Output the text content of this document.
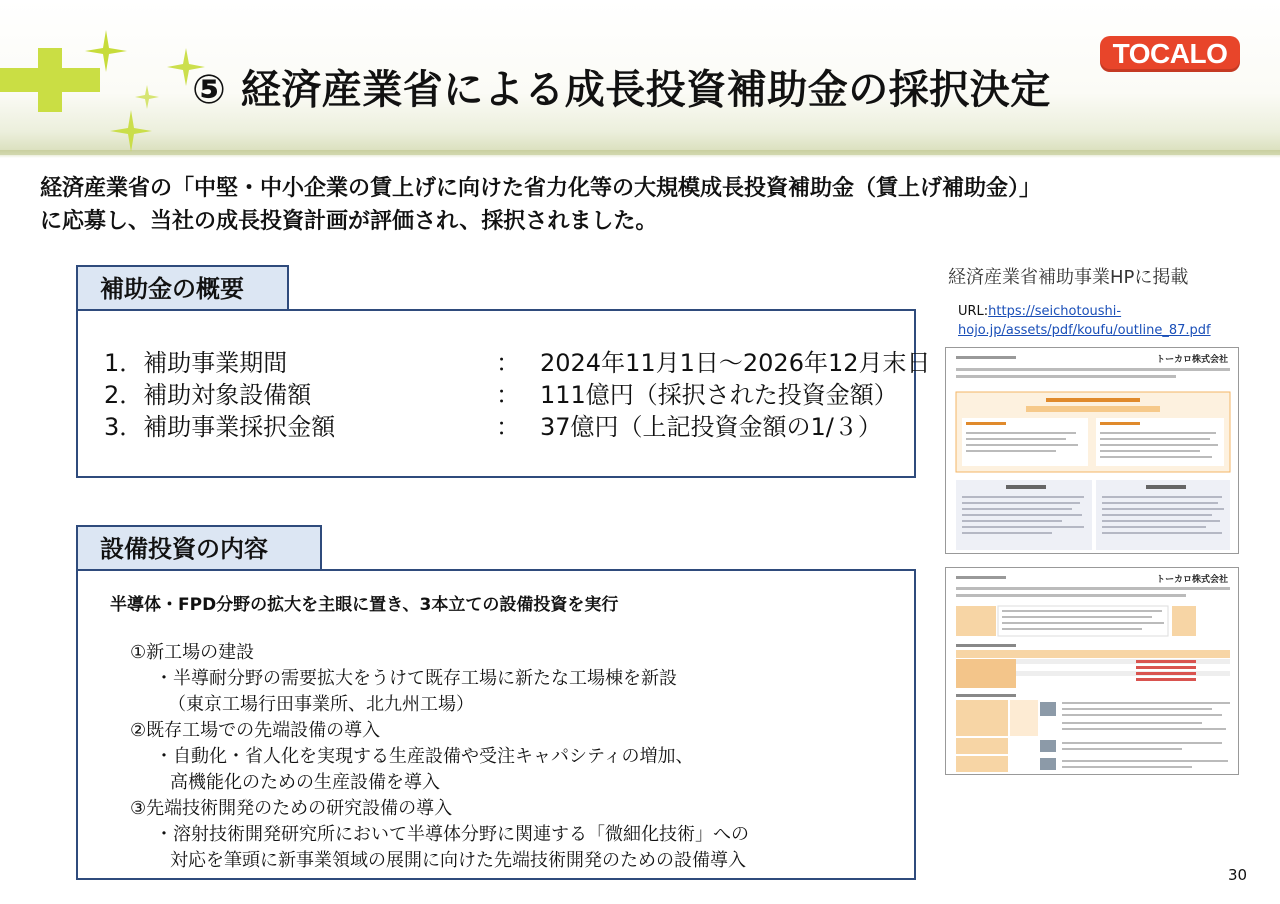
⑤ 経済産業省による成長投資補助金の採択決定
TOCALO
経済産業省の「中堅・中小企業の賃上げに向けた省力化等の大規模成長投資補助金（賃上げ補助金）」
に応募し、当社の成長投資計画が評価され、採択されました。
補助金の概要
1．補助事業期間	： 2024年11月1日～2026年12月末日
2．補助対象設備額	： 111億円（採択された投資金額）
3．補助事業採択金額	： 37億円（上記投資金額の1/３）
設備投資の内容
半導体・FPD分野の拡大を主眼に置き、3本立ての設備投資を実行
①新工場の建設
・半導耐分野の需要拡大をうけて既存工場に新たな工場棟を新設
（東京工場行田事業所、北九州工場）
②既存工場での先端設備の導入
・自動化・省人化を実現する生産設備や受注キャパシティの増加、
高機能化のための生産設備を導入
③先端技術開発のための研究設備の導入
・溶射技術開発研究所において半導体分野に関連する「微細化技術」への
対応を筆頭に新事業領域の展開に向けた先端技術開発のための設備導入
経済産業省補助事業HPに掲載
URL:https://seichotoushi-
hojo.jp/assets/pdf/koufu/outline_87.pdf
トーカロ株式会社
トーカロ株式会社
30
